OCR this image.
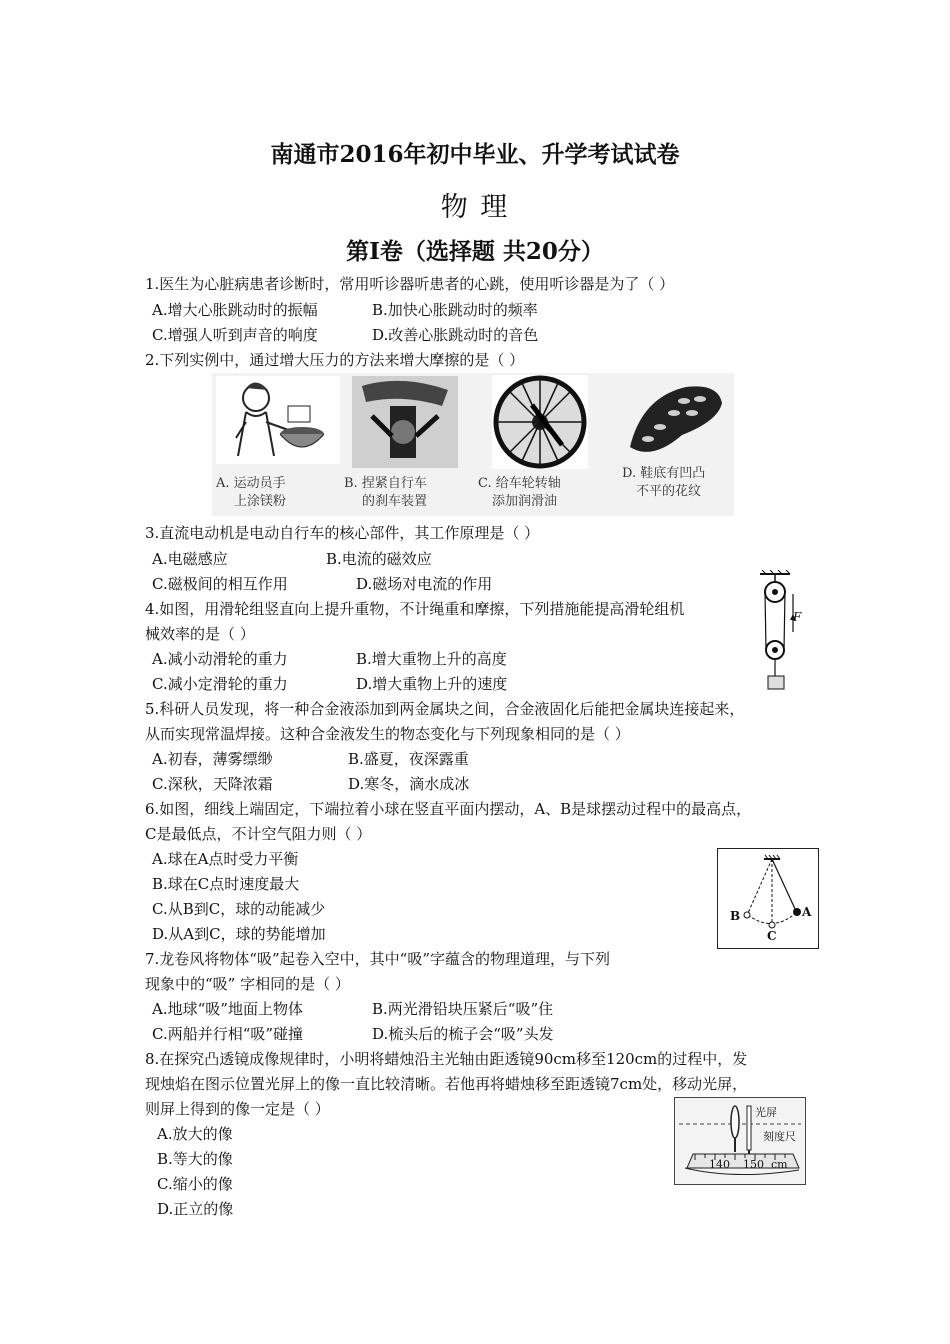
南通市2016年初中毕业、升学考试试卷
物 理
第Ⅰ卷（选择题 共20分）
1.医生为心脏病患者诊断时，常用听诊器听患者的心跳，使用听诊器是为了（ ）
A.增大心胀跳动时的振幅	B.加快心胀跳动时的频率
C.增强人听到声音的响度	D.改善心胀跳动时的音色
2.下列实例中，通过增大压力的方法来增大摩擦的是（ ）
A. 运动员手
上涂镁粉
B. 捏紧自行车
的刹车装置
C. 给车轮转轴
添加润滑油
D. 鞋底有凹凸
不平的花纹
3.直流电动机是电动自行车的核心部件，其工作原理是（ ）
A.电磁感应	B.电流的磁效应
C.磁极间的相互作用	D.磁场对电流的作用
4.如图，用滑轮组竖直向上提升重物，不计绳重和摩擦，下列措施能提高滑轮组机
械效率的是（ ）
A.减小动滑轮的重力	B.增大重物上升的高度
C.减小定滑轮的重力	D.增大重物上升的速度
F
5.科研人员发现，将一种合金液添加到两金属块之间，合金液固化后能把金属块连接起来，
从而实现常温焊接。这种合金液发生的物态变化与下列现象相同的是（ ）
A.初春，薄雾缥缈	B.盛夏，夜深露重
C.深秋，天降浓霜	D.寒冬，滴水成冰
6.如图，细线上端固定，下端拉着小球在竖直平面内摆动，A、B是球摆动过程中的最高点，
C是最低点，不计空气阻力则（ ）
A.球在A点时受力平衡
B.球在C点时速度最大
C.从B到C，球的动能减少
D.从A到C，球的势能增加
A
B
C
7.龙卷风将物体“吸”起卷入空中，其中“吸”字蕴含的物理道理，与下列
现象中的“吸” 字相同的是（ ）
A.地球“吸”地面上物体	B.两光滑铅块压紧后“吸”住
C.两船并行相“吸”碰撞	D.梳头后的梳子会“吸”头发
8.在探究凸透镜成像规律时，小明将蜡烛沿主光轴由距透镜90cm移至120cm的过程中，发
现烛焰在图示位置光屏上的像一直比较清晰。若他再将蜡烛移至距透镜7cm处，移动光屏，
则屏上得到的像一定是（ ）
A.放大的像
B.等大的像
C.缩小的像
D.正立的像
光屏
刻度尺
140 150 cm
